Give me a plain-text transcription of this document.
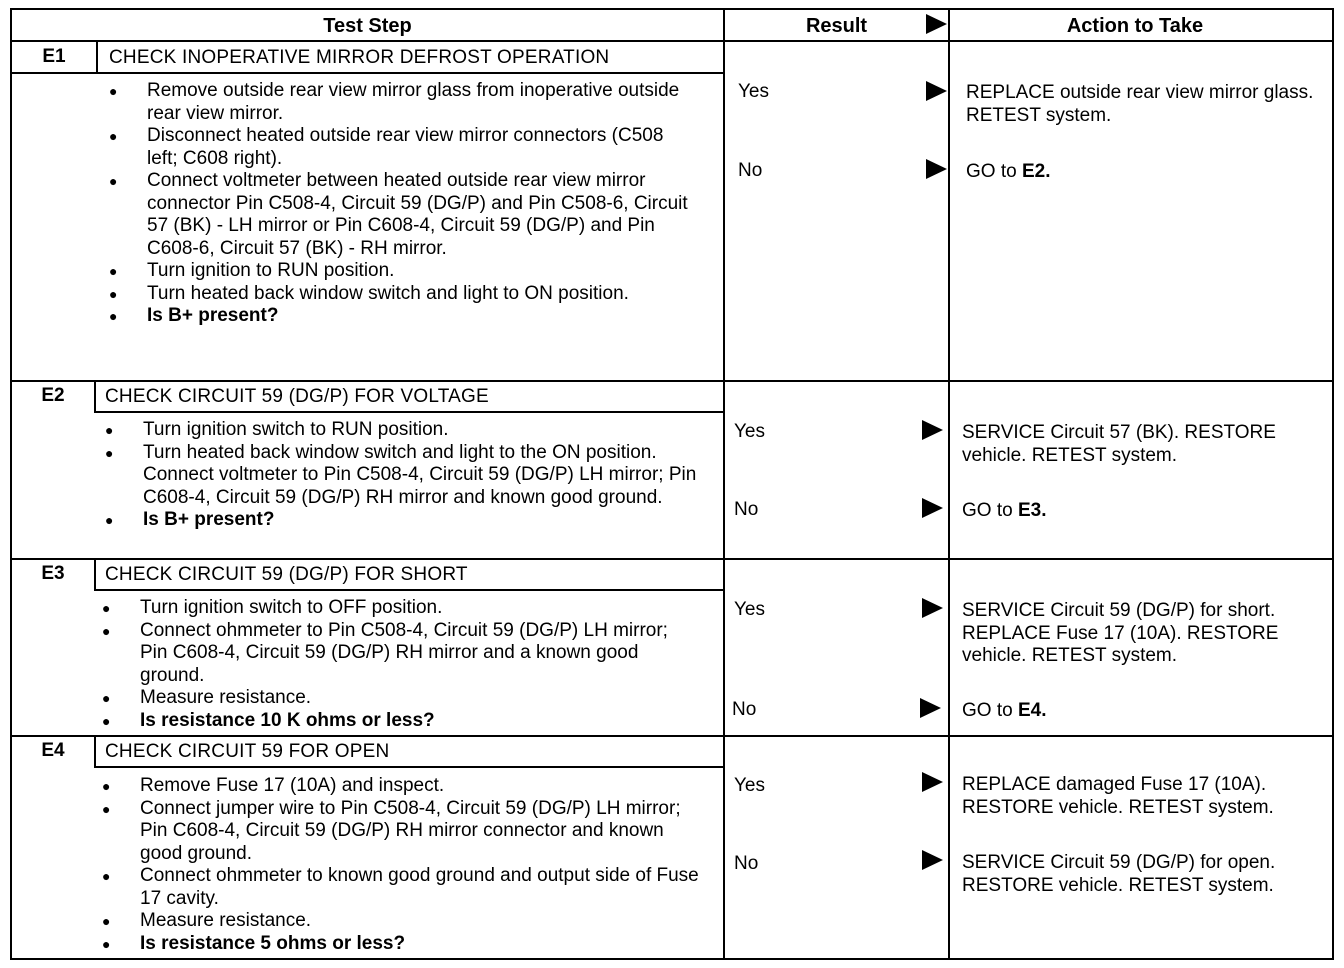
Test Step	Result	Action to Take
E1	CHECK INOPERATIVE MIRROR DEFROST OPERATION
● Remove outside rear view mirror glass from inoperative outside rear view mirror.
● Disconnect heated outside rear view mirror connectors (C508 left; C608 right).
● Connect voltmeter between heated outside rear view mirror connector Pin C508-4, Circuit 59 (DG/P) and Pin C508-6, Circuit 57 (BK) - LH mirror or Pin C608-4, Circuit 59 (DG/P) and Pin C608-6, Circuit 57 (BK) - RH mirror.
● Turn ignition to RUN position.
● Turn heated back window switch and light to ON position.
● Is B+ present?
Yes	REPLACE outside rear view mirror glass. RETEST system.
No	GO to E2.
E2	CHECK CIRCUIT 59 (DG/P) FOR VOLTAGE
● Turn ignition switch to RUN position.
● Turn heated back window switch and light to the ON position. Connect voltmeter to Pin C508-4, Circuit 59 (DG/P) LH mirror; Pin C608-4, Circuit 59 (DG/P) RH mirror and known good ground.
● Is B+ present?
Yes	SERVICE Circuit 57 (BK). RESTORE vehicle. RETEST system.
No	GO to E3.
E3	CHECK CIRCUIT 59 (DG/P) FOR SHORT
● Turn ignition switch to OFF position.
● Connect ohmmeter to Pin C508-4, Circuit 59 (DG/P) LH mirror; Pin C608-4, Circuit 59 (DG/P) RH mirror and a known good ground.
● Measure resistance.
● Is resistance 10 K ohms or less?
Yes	SERVICE Circuit 59 (DG/P) for short. REPLACE Fuse 17 (10A). RESTORE vehicle. RETEST system.
No	GO to E4.
E4	CHECK CIRCUIT 59 FOR OPEN
● Remove Fuse 17 (10A) and inspect.
● Connect jumper wire to Pin C508-4, Circuit 59 (DG/P) LH mirror; Pin C608-4, Circuit 59 (DG/P) RH mirror connector and known good ground.
● Connect ohmmeter to known good ground and output side of Fuse 17 cavity.
● Measure resistance.
● Is resistance 5 ohms or less?
Yes	REPLACE damaged Fuse 17 (10A). RESTORE vehicle. RETEST system.
No	SERVICE Circuit 59 (DG/P) for open. RESTORE vehicle. RETEST system.
